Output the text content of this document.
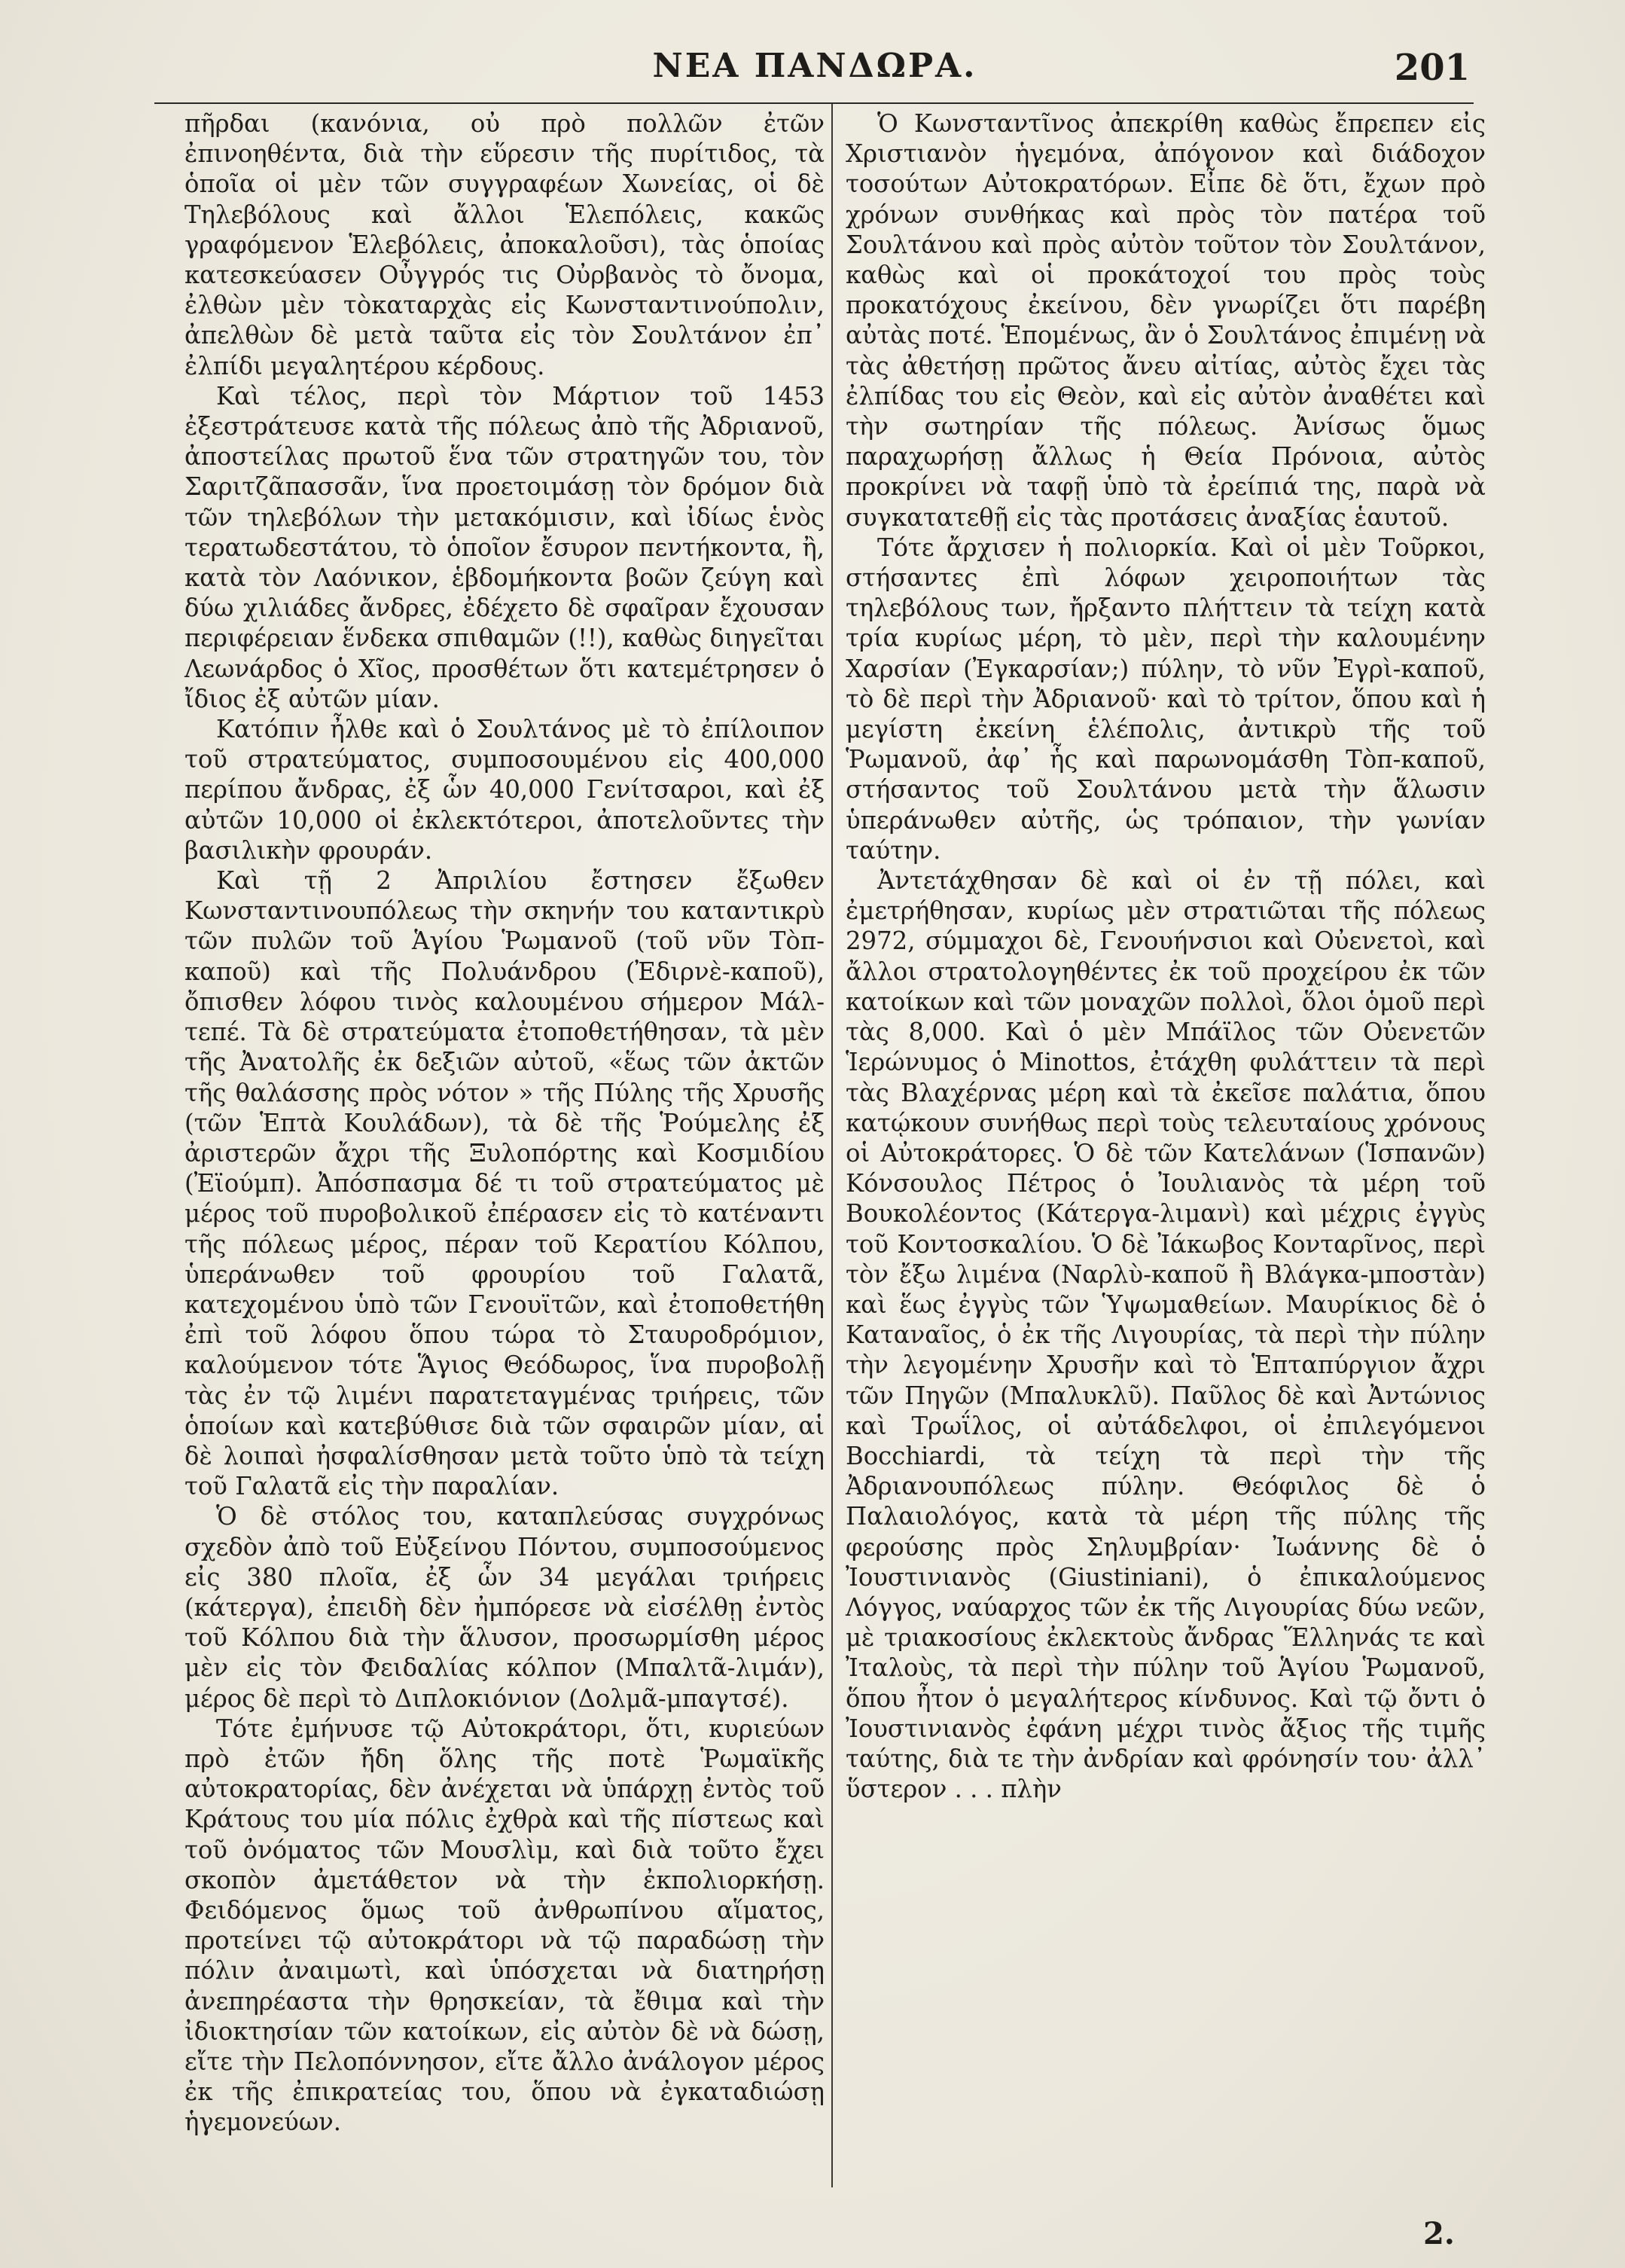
ΝΕΑ ΠΑΝΔΩΡΑ.	201

πῆρδαι (κανόνια, οὐ πρὸ πολλῶν ἐτῶν ἐπινοηθέντα, διὰ τὴν εὕρεσιν τῆς πυρίτιδος, τὰ ὁποῖα οἱ μὲν τῶν συγγραφέων Χωνείας, οἱ δὲ Τηλεβόλους καὶ ἄλλοι Ἑλεπόλεις, κακῶς γραφόμενον Ἑλεβόλεις, ἀποκαλοῦσι), τὰς ὁποίας κατεσκεύασεν Οὖγγρός τις Οὐρβανὸς τὸ ὄνομα, ἐλθὼν μὲν τὸκαταρχὰς εἰς Κωνσταντινούπολιν, ἀπελθὼν δὲ μετὰ ταῦτα εἰς τὸν Σουλτάνον ἐπ᾽ ἐλπίδι μεγαλητέρου κέρδους.

Καὶ τέλος, περὶ τὸν Μάρτιον τοῦ 1453 ἐξεστράτευσε κατὰ τῆς πόλεως ἀπὸ τῆς Ἀδριανοῦ, ἀποστείλας πρωτοῦ ἕνα τῶν στρατηγῶν του, τὸν Σαριτζᾶπασσᾶν, ἵνα προετοιμάσῃ τὸν δρόμον διὰ τῶν τηλεβόλων τὴν μετακόμισιν, καὶ ἰδίως ἑνὸς τερατωδεστάτου, τὸ ὁποῖον ἔσυρον πεντήκοντα, ἢ, κατὰ τὸν Λαόνικον, ἑβδομήκοντα βοῶν ζεύγη καὶ δύω χιλιάδες ἄνδρες, ἐδέχετο δὲ σφαῖραν ἔχουσαν περιφέρειαν ἕνδεκα σπιθαμῶν (!!), καθὼς διηγεῖται Λεωνάρδος ὁ Χῖος, προσθέτων ὅτι κατεμέτρησεν ὁ ἴδιος ἐξ αὐτῶν μίαν.

Κατόπιν ἦλθε καὶ ὁ Σουλτάνος μὲ τὸ ἐπίλοιπον τοῦ στρατεύματος, συμποσουμένου εἰς 400,000 περίπου ἄνδρας, ἐξ ὧν 40,000 Γενίτσαροι, καὶ ἐξ αὐτῶν 10,000 οἱ ἐκλεκτότεροι, ἀποτελοῦντες τὴν βασιλικὴν φρουράν.

Καὶ τῇ 2 Ἀπριλίου ἔστησεν ἔξωθεν Κωνσταντινουπόλεως τὴν σκηνήν του καταντικρὺ τῶν πυλῶν τοῦ Ἁγίου Ῥωμανοῦ (τοῦ νῦν Τὸπ-καποῦ) καὶ τῆς Πολυάνδρου (Ἐδιρνὲ-καποῦ), ὄπισθεν λόφου τινὸς καλουμένου σήμερον Μάλ-τεπέ. Τὰ δὲ στρατεύματα ἐτοποθετήθησαν, τὰ μὲν τῆς Ἀνατολῆς ἐκ δεξιῶν αὐτοῦ, «ἕως τῶν ἀκτῶν τῆς θαλάσσης πρὸς νότον » τῆς Πύλης τῆς Χρυσῆς (τῶν Ἑπτὰ Κουλάδων), τὰ δὲ τῆς Ῥούμελης ἐξ ἀριστερῶν ἄχρι τῆς Ξυλοπόρτης καὶ Κοσμιδίου (Ἐϊούμπ). Ἀπόσπασμα δέ τι τοῦ στρατεύματος μὲ μέρος τοῦ πυροβολικοῦ ἐπέρασεν εἰς τὸ κατέναντι τῆς πόλεως μέρος, πέραν τοῦ Κερατίου Κόλπου, ὑπεράνωθεν τοῦ φρουρίου τοῦ Γαλατᾶ, κατεχομένου ὑπὸ τῶν Γενουϊτῶν, καὶ ἐτοποθετήθη ἐπὶ τοῦ λόφου ὅπου τώρα τὸ Σταυροδρόμιον, καλούμενον τότε Ἅγιος Θεόδωρος, ἵνα πυροβολῇ τὰς ἐν τῷ λιμένι παρατεταγμένας τριήρεις, τῶν ὁποίων καὶ κατεβύθισε διὰ τῶν σφαιρῶν μίαν, αἱ δὲ λοιπαὶ ἠσφαλίσθησαν μετὰ τοῦτο ὑπὸ τὰ τείχη τοῦ Γαλατᾶ εἰς τὴν παραλίαν.

Ὁ δὲ στόλος του, καταπλεύσας συγχρόνως σχεδὸν ἀπὸ τοῦ Εὐξείνου Πόντου, συμποσούμενος εἰς 380 πλοῖα, ἐξ ὧν 34 μεγάλαι τριήρεις (κάτεργα), ἐπειδὴ δὲν ἠμπόρεσε νὰ εἰσέλθῃ ἐντὸς τοῦ Κόλπου διὰ τὴν ἅλυσον, προσωρμίσθη μέρος μὲν εἰς τὸν Φειδαλίας κόλπον (Μπαλτᾶ-λιμάν), μέρος δὲ περὶ τὸ Διπλοκιόνιον (Δολμᾶ-μπαγτσέ).

Τότε ἐμήνυσε τῷ Αὐτοκράτορι, ὅτι, κυριεύων πρὸ ἐτῶν ἤδη ὅλης τῆς ποτὲ Ῥωμαϊκῆς αὐτοκρατορίας, δὲν ἀνέχεται νὰ ὑπάρχῃ ἐντὸς τοῦ Κράτους του μία πόλις ἐχθρὰ καὶ τῆς πίστεως καὶ τοῦ ὀνόματος τῶν Μουσλὶμ, καὶ διὰ τοῦτο ἔχει σκοπὸν ἀμετάθετον νὰ τὴν ἐκπολιορκήσῃ. Φειδόμενος ὅμως τοῦ ἀνθρωπίνου αἵματος, προτείνει τῷ αὐτοκράτορι νὰ τῷ παραδώσῃ τὴν πόλιν ἀναιμωτὶ, καὶ ὑπόσχεται νὰ διατηρήσῃ ἀνεπηρέαστα τὴν θρησκείαν, τὰ ἔθιμα καὶ τὴν ἰδιοκτησίαν τῶν κατοίκων, εἰς αὐτὸν δὲ νὰ δώσῃ, εἴτε τὴν Πελοπόννησον, εἴτε ἄλλο ἀνάλογον μέρος ἐκ τῆς ἐπικρατείας του, ὅπου νὰ ἐγκαταδιώσῃ ἡγεμονεύων.

Ὁ Κωνσταντῖνος ἀπεκρίθη καθὼς ἔπρεπεν εἰς Χριστιανὸν ἡγεμόνα, ἀπόγονον καὶ διάδοχον τοσούτων Αὐτοκρατόρων. Εἶπε δὲ ὅτι, ἔχων πρὸ χρόνων συνθήκας καὶ πρὸς τὸν πατέρα τοῦ Σουλτάνου καὶ πρὸς αὐτὸν τοῦτον τὸν Σουλτάνον, καθὼς καὶ οἱ προκάτοχοί του πρὸς τοὺς προκατόχους ἐκείνου, δὲν γνωρίζει ὅτι παρέβη αὐτὰς ποτέ. Ἑπομένως, ἂν ὁ Σουλτάνος ἐπιμένῃ νὰ τὰς ἀθετήσῃ πρῶτος ἄνευ αἰτίας, αὐτὸς ἔχει τὰς ἐλπίδας του εἰς Θεὸν, καὶ εἰς αὐτὸν ἀναθέτει καὶ τὴν σωτηρίαν τῆς πόλεως. Ἀνίσως ὅμως παραχωρήσῃ ἄλλως ἡ Θεία Πρόνοια, αὐτὸς προκρίνει νὰ ταφῇ ὑπὸ τὰ ἐρείπιά της, παρὰ νὰ συγκατατεθῇ εἰς τὰς προτάσεις ἀναξίας ἑαυτοῦ.

Τότε ἄρχισεν ἡ πολιορκία. Καὶ οἱ μὲν Τοῦρκοι, στήσαντες ἐπὶ λόφων χειροποιήτων τὰς τηλεβόλους των, ἤρξαντο πλήττειν τὰ τείχη κατὰ τρία κυρίως μέρη, τὸ μὲν, περὶ τὴν καλουμένην Χαρσίαν (Ἐγκαρσίαν;) πύλην, τὸ νῦν Ἐγρὶ-καποῦ, τὸ δὲ περὶ τὴν Ἀδριανοῦ· καὶ τὸ τρίτον, ὅπου καὶ ἡ μεγίστη ἐκείνη ἑλέπολις, ἀντικρὺ τῆς τοῦ Ῥωμανοῦ, ἀφ᾽ ἧς καὶ παρωνομάσθη Τὸπ-καποῦ, στήσαντος τοῦ Σουλτάνου μετὰ τὴν ἅλωσιν ὑπεράνωθεν αὐτῆς, ὡς τρόπαιον, τὴν γωνίαν ταύτην.

Ἀντετάχθησαν δὲ καὶ οἱ ἐν τῇ πόλει, καὶ ἐμετρήθησαν, κυρίως μὲν στρατιῶται τῆς πόλεως 2972, σύμμαχοι δὲ, Γενουήνσιοι καὶ Οὐενετοὶ, καὶ ἄλλοι στρατολογηθέντες ἐκ τοῦ προχείρου ἐκ τῶν κατοίκων καὶ τῶν μοναχῶν πολλοὶ, ὅλοι ὁμοῦ περὶ τὰς 8,000. Καὶ ὁ μὲν Μπάϊλος τῶν Οὐενετῶν Ἱερώνυμος ὁ Minottos, ἐτάχθη φυλάττειν τὰ περὶ τὰς Βλαχέρνας μέρη καὶ τὰ ἐκεῖσε παλάτια, ὅπου κατῴκουν συνήθως περὶ τοὺς τελευταίους χρόνους οἱ Αὐτοκράτορες. Ὁ δὲ τῶν Κατελάνων (Ἱσπανῶν) Κόνσουλος Πέτρος ὁ Ἰουλιανὸς τὰ μέρη τοῦ Βουκολέοντος (Κάτεργα-λιμανὶ) καὶ μέχρις ἐγγὺς τοῦ Κοντοσκαλίου. Ὁ δὲ Ἰάκωβος Κονταρῖνος, περὶ τὸν ἔξω λιμένα (Ναρλὺ-καποῦ ἢ Βλάγκα-μποστὰν) καὶ ἕως ἐγγὺς τῶν Ὑψωμαθείων. Μαυρίκιος δὲ ὁ Καταναῖος, ὁ ἐκ τῆς Λιγουρίας, τὰ περὶ τὴν πύλην τὴν λεγομένην Χρυσῆν καὶ τὸ Ἑπταπύργιον ἄχρι τῶν Πηγῶν (Μπαλυκλῦ). Παῦλος δὲ καὶ Ἀντώνιος καὶ Τρωΐλος, οἱ αὐτάδελφοι, οἱ ἐπιλεγόμενοι Bocchiardi, τὰ τείχη τὰ περὶ τὴν τῆς Ἀδριανουπόλεως πύλην. Θεόφιλος δὲ ὁ Παλαιολόγος, κατὰ τὰ μέρη τῆς πύλης τῆς φερούσης πρὸς Σηλυμβρίαν· Ἰωάννης δὲ ὁ Ἰουστινιανὸς (Giustiniani), ὁ ἐπικαλούμενος Λόγγος, ναύαρχος τῶν ἐκ τῆς Λιγουρίας δύω νεῶν, μὲ τριακοσίους ἐκλεκτοὺς ἄνδρας Ἕλληνάς τε καὶ Ἰταλοὺς, τὰ περὶ τὴν πύλην τοῦ Ἁγίου Ῥωμανοῦ, ὅπου ἦτον ὁ μεγαλήτερος κίνδυνος. Καὶ τῷ ὄντι ὁ Ἰουστινιανὸς ἐφάνη μέχρι τινὸς ἄξιος τῆς τιμῆς ταύτης, διὰ τε τὴν ἀνδρίαν καὶ φρόνησίν του· ἀλλ᾽ ὕστερον . . . πλὴν

2.
